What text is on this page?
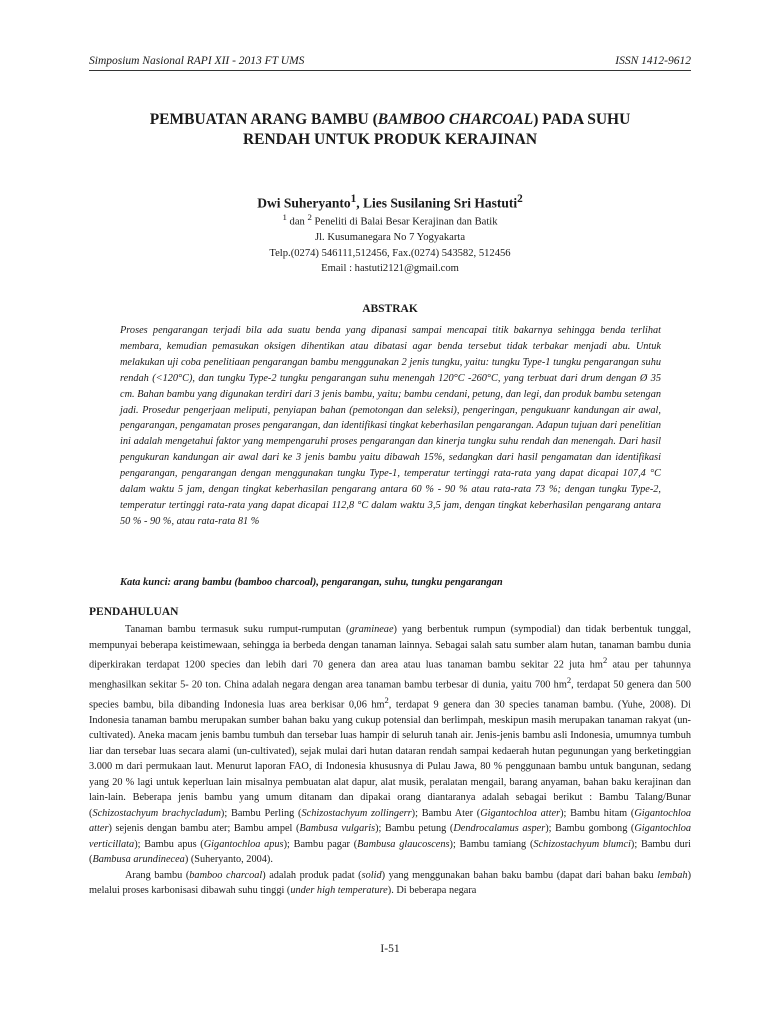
Simposium Nasional RAPI XII - 2013 FT UMS	ISSN 1412-9612
PEMBUATAN ARANG BAMBU (BAMBOO CHARCOAL) PADA SUHU
RENDAH UNTUK PRODUK KERAJINAN
Dwi Suheryanto$^1$, Lies Susilaning Sri Hastuti$^2$
$^1$ dan $^2$ Peneliti di Balai Besar Kerajinan dan Batik
Jl. Kusumanegara No 7 Yogyakarta
Telp.(0274) 546111,512456, Fax.(0274) 543582, 512456
Email : hastuti2121@gmail.com
ABSTRAK

Proses pengarangan terjadi bila ada suatu benda yang dipanasi sampai mencapai titik bakarnya sehingga benda terlihat membara, kemudian pemasukan oksigen dihentikan atau dibatasi agar benda tersebut tidak terbakar menjadi abu. Untuk melakukan uji coba penelitiaan pengarangan bambu menggunakan 2 jenis tungku, yaitu: tungku Type-1 tungku pengarangan suhu rendah (<120°C), dan tungku Type-2 tungku pengarangan suhu menengah 120°C -260°C, yang terbuat dari drum dengan Ø 35 cm. Bahan bambu yang digunakan terdiri dari 3 jenis bambu, yaitu; bambu cendani, petung, dan legi, dan produk bambu setengan jadi. Prosedur pengerjaan meliputi, penyiapan bahan (pemotongan dan seleksi), pengeringan, pengukuanr kandungan air awal, pengarangan, pengamatan proses pengarangan, dan identifikasi tingkat keberhasilan pengarangan. Adapun tujuan dari penelitian ini adalah mengetahui faktor yang mempengaruhi proses pengarangan dan kinerja tungku suhu rendah dan menengah. Dari hasil pengukuran kandungan air awal dari ke 3 jenis bambu yaitu dibawah 15%, sedangkan dari hasil pengamatan dan identifikasi pengarangan, pengarangan dengan menggunakan tungku Type-1, temperatur tertinggi rata-rata yang dapat dicapai 107,4 °C dalam waktu 5 jam, dengan tingkat keberhasilan pengarang antara 60 % - 90 % atau rata-rata 73 %; dengan tungku Type-2, temperatur tertinggi rata-rata yang dapat dicapai 112,8 °C dalam waktu 3,5 jam, dengan tingkat keberhasilan pengarang antara 50 % - 90 %, atau rata-rata 81 %

Kata kunci: arang bambu (bamboo charcoal), pengarangan, suhu, tungku pengarangan
PENDAHULUAN

Tanaman bambu termasuk suku rumput-rumputan (gramineae) yang berbentuk rumpun (sympodial) dan tidak berbentuk tunggal, mempunyai beberapa keistimewaan, sehingga ia berbeda dengan tanaman lainnya. Sebagai salah satu sumber alam hutan, tanaman bambu dunia diperkirakan terdapat 1200 species dan lebih dari 70 genera dan area atau luas tanaman bambu sekitar 22 juta $hm^2$ atau per tahunnya menghasilkan sekitar 5- 20 ton. China adalah negara dengan area tanaman bambu terbesar di dunia, yaitu 700 $hm^2$, terdapat 50 genera dan 500 species bambu, bila dibanding Indonesia luas area berkisar 0,06 $hm^2$, terdapat 9 genera dan 30 species tanaman bambu. (Yuhe, 2008). Di Indonesia tanaman bambu merupakan sumber bahan baku yang cukup potensial dan berlimpah, meskipun masih merupakan tanaman rakyat (un-cultivated). Aneka macam jenis bambu tumbuh dan tersebar luas hampir di seluruh tanah air. Jenis-jenis bambu asli Indonesia, umumnya tumbuh liar dan tersebar luas secara alami (un-cultivated), sejak mulai dari hutan dataran rendah sampai kedaerah hutan pegunungan yang berketinggian 3.000 m dari permukaan laut. Menurut laporan FAO, di Indonesia khususnya di Pulau Jawa, 80 % penggunaan bambu untuk bangunan, sedang yang 20 % lagi untuk keperluan lain misalnya pembuatan alat dapur, alat musik, peralatan mengail, barang anyaman, bahan baku kerajinan dan lain-lain. Beberapa jenis bambu yang umum ditanam dan dipakai orang diantaranya adalah sebagai berikut : Bambu Talang/Bunar (Schizostachyum brachycladum); Bambu Perling (Schizostachyum zollingerr); Bambu Ater (Gigantochloa atter); Bambu hitam (Gigantochloa atter) sejenis dengan bambu ater; Bambu ampel (Bambusa vulgaris); Bambu petung (Dendrocalamus asper); Bambu gombong (Gigantochloa verticillata); Bambu apus (Gigantochloa apus); Bambu pagar (Bambusa glaucoscens); Bambu tamiang (Schizostachyum blumci); Bambu duri (Bambusa arundinecea) (Suheryanto, 2004).

Arang bambu (bamboo charcoal) adalah produk padat (solid) yang menggunakan bahan baku bambu (dapat dari bahan baku lembah) melalui proses karbonisasi dibawah suhu tinggi (under high temperature). Di beberapa negara

I-51
